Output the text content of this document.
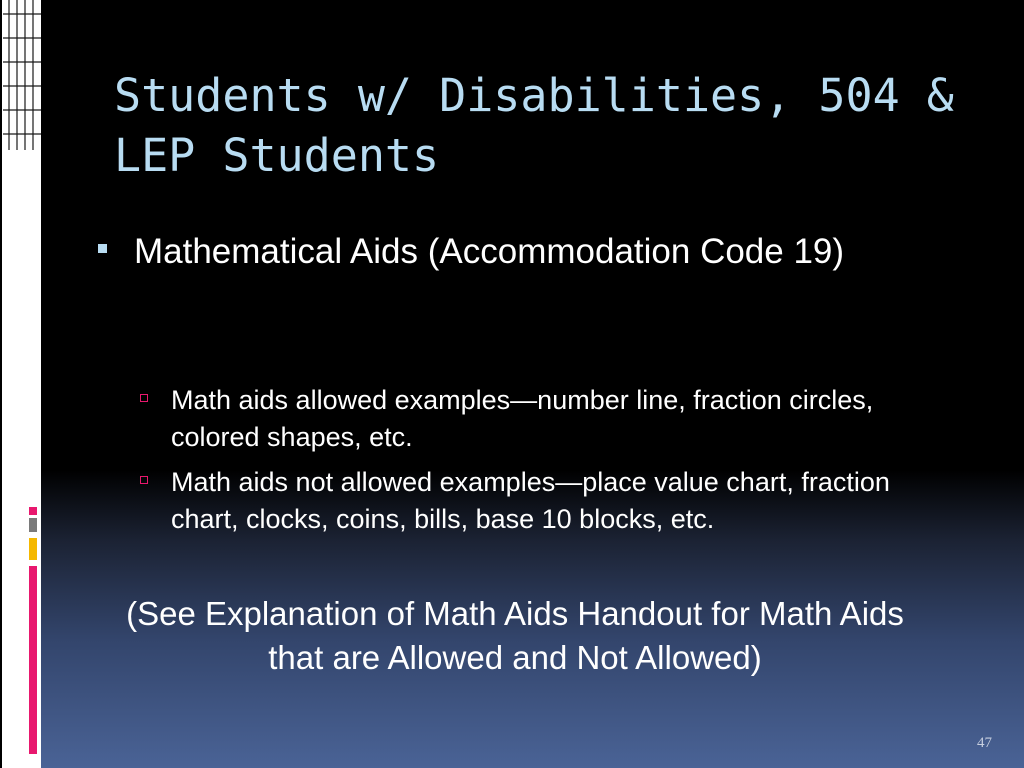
Students w/ Disabilities, 504 & LEP Students
Mathematical Aids (Accommodation Code 19)
Math aids allowed examples—number line, fraction circles, colored shapes, etc.
Math aids not allowed examples—place value chart, fraction chart, clocks, coins, bills, base 10 blocks, etc.
(See Explanation of Math Aids Handout for Math Aids that are Allowed and Not Allowed)
47
